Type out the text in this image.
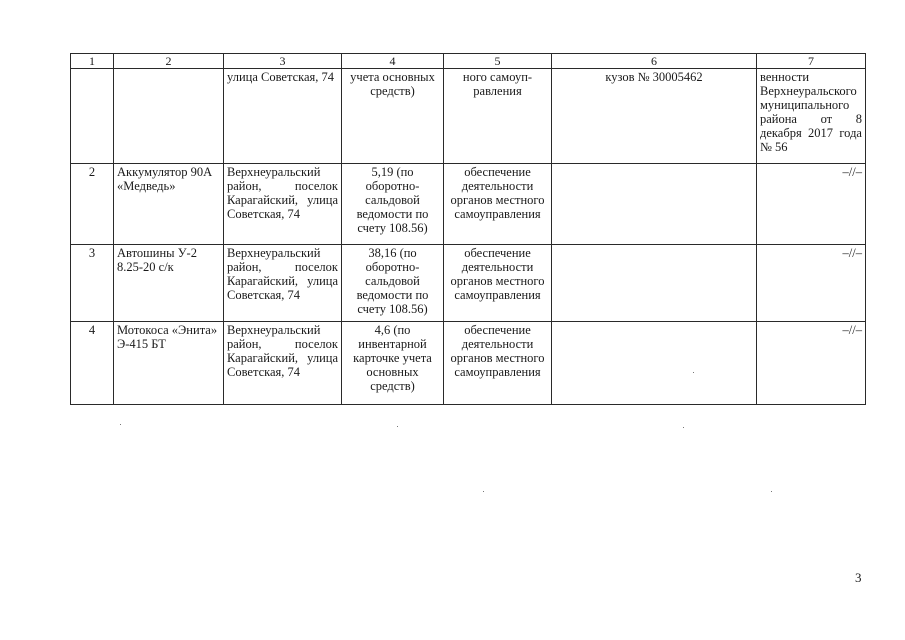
1	2	3	4	5	6	7
		улица Советская, 74	учета основных средств)	ного самоуп-равления	кузов № 30005462	венности Верхнеуральского муниципального района от 8 декабря 2017 года № 56
2	Аккумулятор 90А «Медведь»	Верхнеуральский район, поселок Карагайский, улица Советская, 74	5,19 (по оборотно-сальдовой ведомости по счету 108.56)	обеспечение деятельности органов местного самоуправления		–//–
3	Автошины У-2 8.25-20 с/к	Верхнеуральский район, поселок Карагайский, улица Советская, 74	38,16 (по оборотно-сальдовой ведомости по счету 108.56)	обеспечение деятельности органов местного самоуправления		–//–
4	Мотокоса «Энита» Э-415 БТ	Верхнеуральский район, поселок Карагайский, улица Советская, 74	4,6 (по инвентарной карточке учета основных средств)	обеспечение деятельности органов местного самоуправления		–//–
3
